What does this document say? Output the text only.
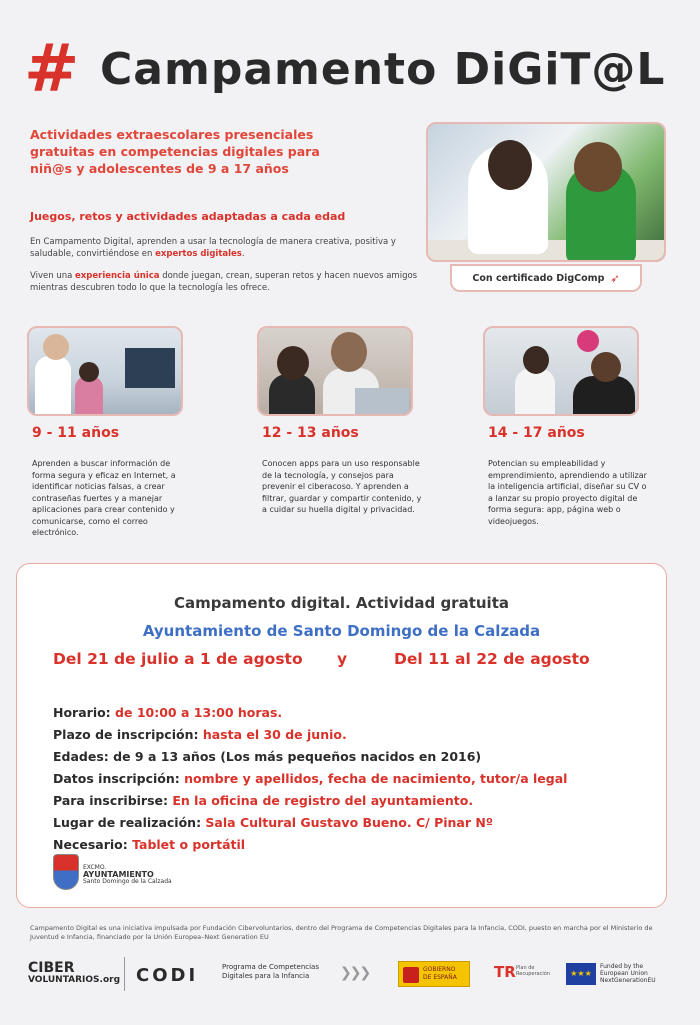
# Campamento DiGiT@L
Actividades extraescolares presenciales gratuitas en competencias digitales para niñ@s y adolescentes de 9 a 17 años
Juegos, retos y actividades adaptadas a cada edad
En Campamento Digital, aprenden a usar la tecnología de manera creativa, positiva y saludable, convirtiéndose en expertos digitales.
Viven una experiencia única donde juegan, crean, superan retos y hacen nuevos amigos mientras descubren todo lo que la tecnología les ofrece.
Con certificado DigComp ➶
9 - 11 años
Aprenden a buscar información de forma segura y eficaz en Internet, a identificar noticias falsas, a crear contraseñas fuertes y a manejar aplicaciones para crear contenido y comunicarse, como el correo electrónico.
12 - 13 años
Conocen apps para un uso responsable de la tecnología, y consejos para prevenir el ciberacoso. Y aprenden a filtrar, guardar y compartir contenido, y a cuidar su huella digital y privacidad.
14 - 17 años
Potencian su empleabilidad y emprendimiento, aprendiendo a utilizar la inteligencia artificial, diseñar su CV o a lanzar su propio proyecto digital de forma segura: app, página web o videojuegos.
Campamento digital. Actividad gratuita
Ayuntamiento de Santo Domingo de la Calzada
Del 21 de julio a 1 de agosto y	Del 11 al 22 de agosto
Horario: de 10:00 a 13:00 horas.
Plazo de inscripción: hasta el 30 de junio.
Edades: de 9 a 13 años (Los más pequeños nacidos en 2016)
Datos inscripción: nombre y apellidos, fecha de nacimiento, tutor/a legal
Para inscribirse: En la oficina de registro del ayuntamiento.
Lugar de realización: Sala Cultural Gustavo Bueno. C/ Pinar Nº
Necesario: Tablet o portátil
EXCMO.
AYUNTAMIENTO
Santo Domingo de la Calzada
Campamento Digital es una iniciativa impulsada por Fundación Cibervoluntarios, dentro del Programa de Competencias Digitales para la Infancia, CODI, puesto en marcha por el Ministerio de Juventud e Infancia, financiado por la Unión Europea–Next Generation EU
CIBER
VOLUNTARIOS.org CODI	Programa de Competencias Digitales para la Infancia	❯❯❯	GOBIERNO DE ESPAÑA	TR Plan de Recuperación	★★★
Funded by the European Union NextGenerationEU
